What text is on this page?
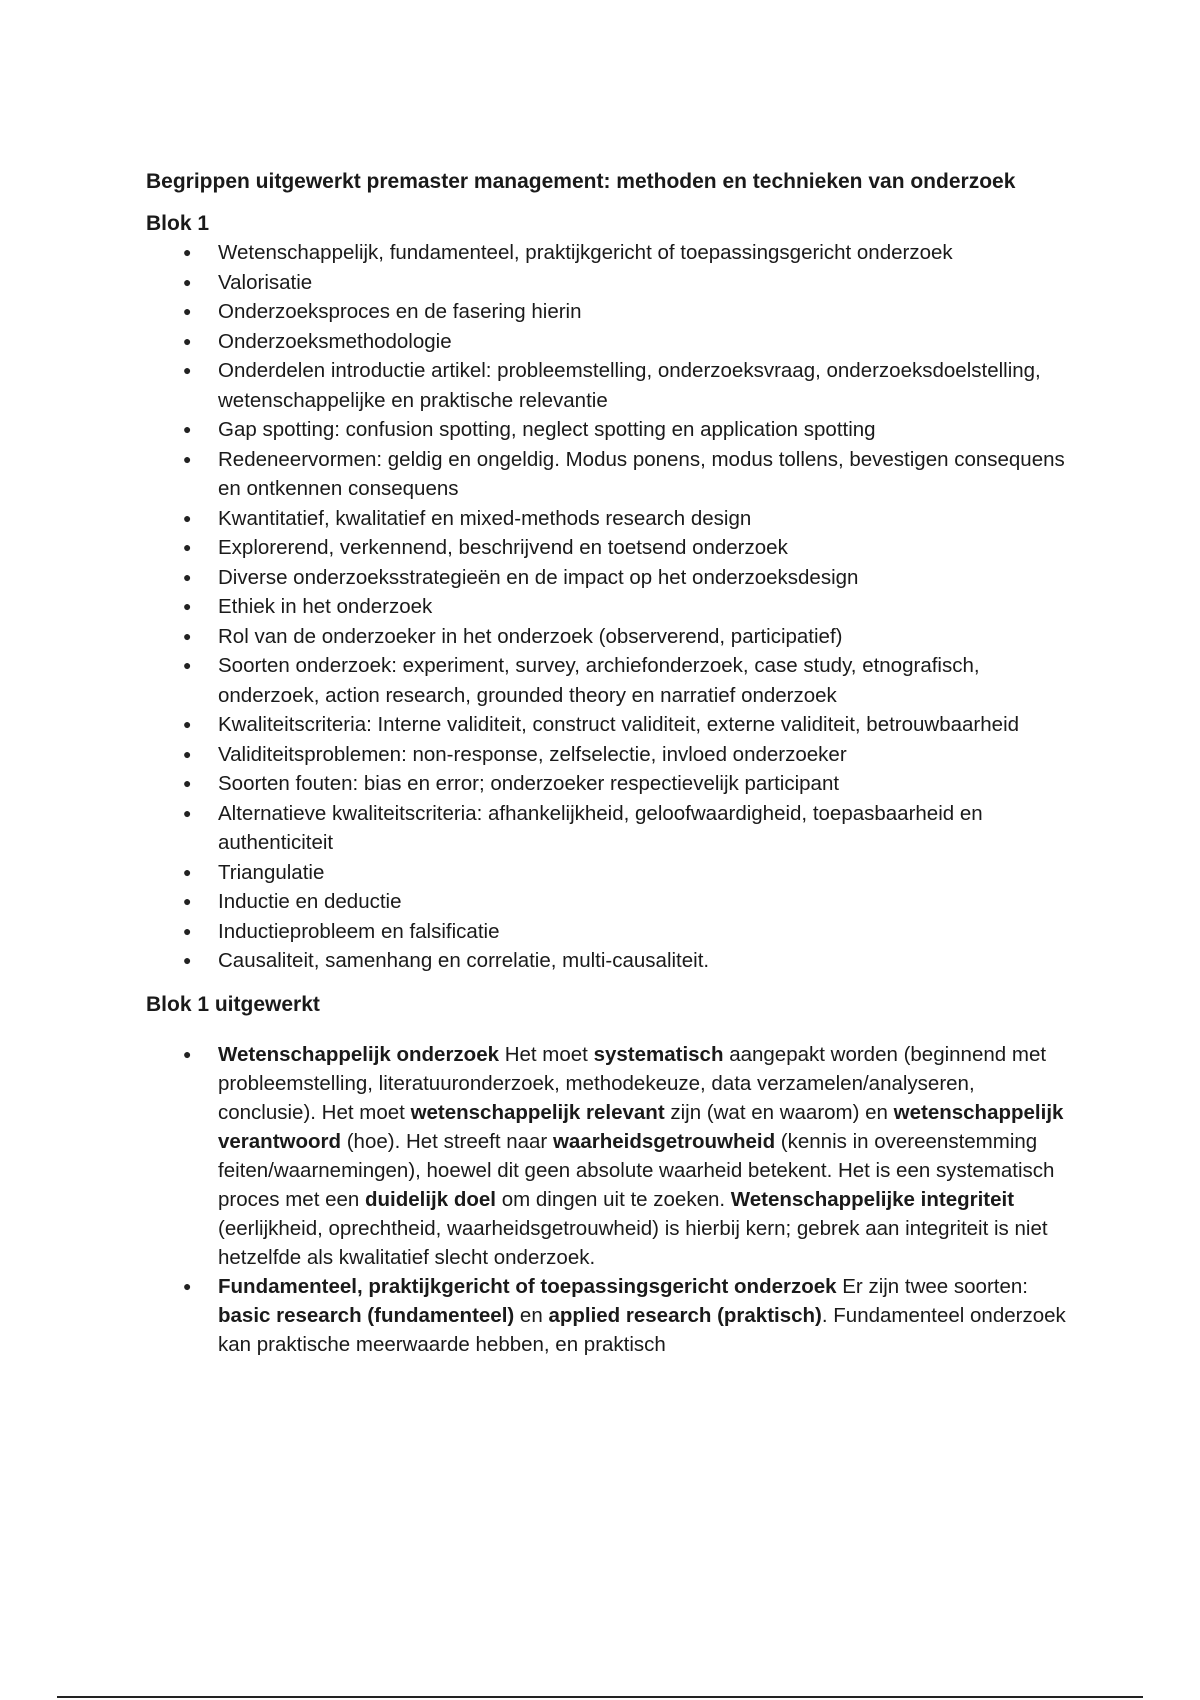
Begrippen uitgewerkt premaster management: methoden en technieken van onderzoek
Blok 1
● Wetenschappelijk, fundamenteel, praktijkgericht of toepassingsgericht onderzoek
● Valorisatie
● Onderzoeksproces en de fasering hierin
● Onderzoeksmethodologie
● Onderdelen introductie artikel: probleemstelling, onderzoeksvraag, onderzoeksdoelstelling, wetenschappelijke en praktische relevantie
● Gap spotting: confusion spotting, neglect spotting en application spotting
● Redeneervormen: geldig en ongeldig. Modus ponens, modus tollens, bevestigen consequens en ontkennen consequens
● Kwantitatief, kwalitatief en mixed-methods research design
● Explorerend, verkennend, beschrijvend en toetsend onderzoek
● Diverse onderzoeksstrategieën en de impact op het onderzoeksdesign
● Ethiek in het onderzoek
● Rol van de onderzoeker in het onderzoek (observerend, participatief)
● Soorten onderzoek: experiment, survey, archiefonderzoek, case study, etnografisch, onderzoek, action research, grounded theory en narratief onderzoek
● Kwaliteitscriteria: Interne validiteit, construct validiteit, externe validiteit, betrouwbaarheid
● Validiteitsproblemen: non-response, zelfselectie, invloed onderzoeker
● Soorten fouten: bias en error; onderzoeker respectievelijk participant
● Alternatieve kwaliteitscriteria: afhankelijkheid, geloofwaardigheid, toepasbaarheid en authenticiteit
● Triangulatie
● Inductie en deductie
● Inductieprobleem en falsificatie
● Causaliteit, samenhang en correlatie, multi-causaliteit.
Blok 1 uitgewerkt
● Wetenschappelijk onderzoek Het moet systematisch aangepakt worden (beginnend met probleemstelling, literatuuronderzoek, methodekeuze, data verzamelen/analyseren, conclusie). Het moet wetenschappelijk relevant zijn (wat en waarom) en wetenschappelijk verantwoord (hoe). Het streeft naar waarheidsgetrouwheid (kennis in overeenstemming feiten/waarnemingen), hoewel dit geen absolute waarheid betekent. Het is een systematisch proces met een duidelijk doel om dingen uit te zoeken. Wetenschappelijke integriteit (eerlijkheid, oprechtheid, waarheidsgetrouwheid) is hierbij kern; gebrek aan integriteit is niet hetzelfde als kwalitatief slecht onderzoek.
● Fundamenteel, praktijkgericht of toepassingsgericht onderzoek Er zijn twee soorten: basic research (fundamenteel) en applied research (praktisch). Fundamenteel onderzoek kan praktische meerwaarde hebben, en praktisch
